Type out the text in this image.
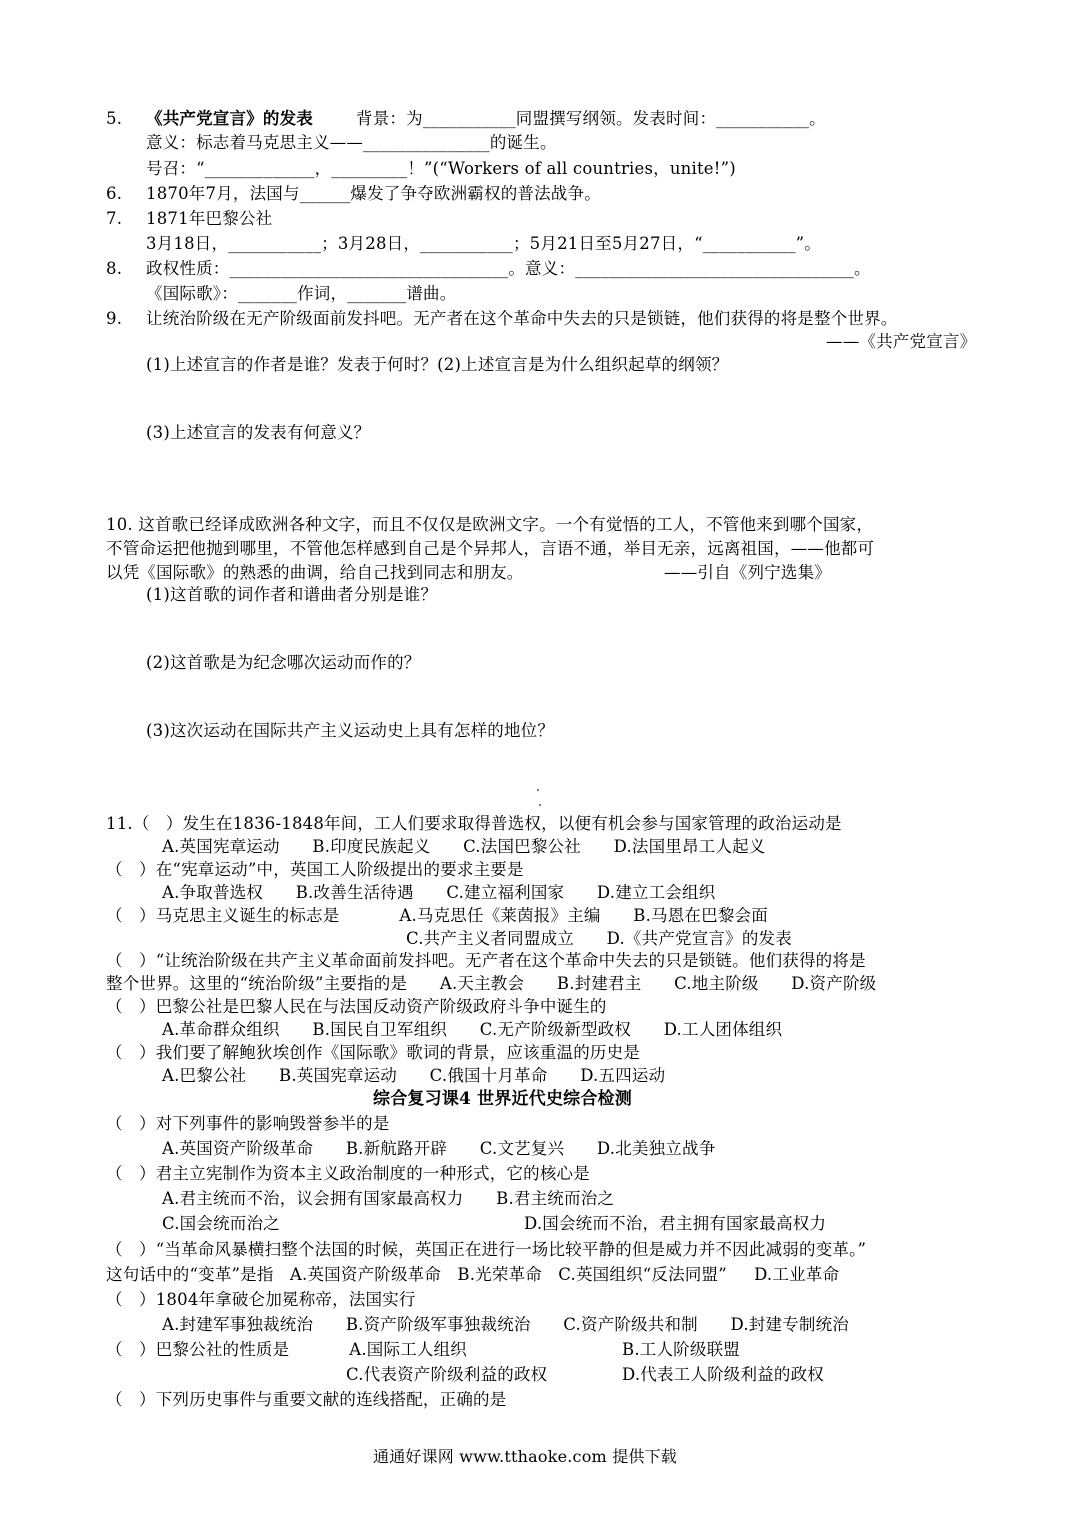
5. 《共产党宣言》的发表	背景：为___________同盟撰写纲领。发表时间：___________。
意义：标志着马克思主义——_______________的诞生。
号召：“_____________，_________！”(“Workers of all countries，unite!”)
6. 1870年7月，法国与______爆发了争夺欧洲霸权的普法战争。
7. 1871年巴黎公社
3月18日，___________；3月28日，___________；5月21日至5月27日，“___________”。
8. 政权性质：_________________________________。意义：_________________________________。
《国际歌》：_______作词，_______谱曲。
9. 让统治阶级在无产阶级面前发抖吧。无产者在这个革命中失去的只是锁链，他们获得的将是整个世界。
——《共产党宣言》
(1)上述宣言的作者是谁？发表于何时？(2)上述宣言是为什么组织起草的纲领？
(3)上述宣言的发表有何意义？
10. 这首歌已经译成欧洲各种文字，而且不仅仅是欧洲文字。一个有觉悟的工人，不管他来到哪个国家，
不管命运把他抛到哪里，不管他怎样感到自己是个异邦人，言语不通，举目无亲，远离祖国，——他都可
以凭《国际歌》的熟悉的曲调，给自己找到同志和朋友。	——引自《列宁选集》
(1)这首歌的词作者和谱曲者分别是谁？
(2)这首歌是为纪念哪次运动而作的？
(3)这次运动在国际共产主义运动史上具有怎样的地位？
11.（   ）发生在1836-1848年间，工人们要求取得普选权，以便有机会参与国家管理的政治运动是
A.英国宪章运动      B.印度民族起义      C.法国巴黎公社      D.法国里昂工人起义
（   ）在“宪章运动”中，英国工人阶级提出的要求主要是
A.争取普选权      B.改善生活待遇      C.建立福利国家      D.建立工会组织
（   ）马克思主义诞生的标志是           A.马克思任《莱茵报》主编      B.马恩在巴黎会面
C.共产主义者同盟成立      D.《共产党宣言》的发表
（   ）“让统治阶级在共产主义革命面前发抖吧。无产者在这个革命中失去的只是锁链。他们获得的将是
整个世界。这里的“统治阶级”主要指的是      A.天主教会      B.封建君主      C.地主阶级      D.资产阶级
（   ）巴黎公社是巴黎人民在与法国反动资产阶级政府斗争中诞生的
A.革命群众组织      B.国民自卫军组织      C.无产阶级新型政权      D.工人团体组织
（   ）我们要了解鲍狄埃创作《国际歌》歌词的背景，应该重温的历史是
A.巴黎公社      B.英国宪章运动      C.俄国十月革命      D.五四运动
综合复习课4 世界近代史综合检测
（   ）对下列事件的影响毁誉参半的是
A.英国资产阶级革命      B.新航路开辟      C.文艺复兴      D.北美独立战争
（   ）君主立宪制作为资本主义政治制度的一种形式，它的核心是
A.君主统而不治，议会拥有国家最高权力      B.君主统而治之
C.国会统而治之	D.国会统而不治，君主拥有国家最高权力
（   ）“当革命风暴横扫整个法国的时候，英国正在进行一场比较平静的但是威力并不因此减弱的变革。”
这句话中的“变革”是指   A.英国资产阶级革命   B.光荣革命   C.英国组织“反法同盟”     D.工业革命
（   ）1804年拿破仑加冕称帝，法国实行
A.封建军事独裁统治      B.资产阶级军事独裁统治      C.资产阶级共和制      D.封建专制统治
（   ）巴黎公社的性质是           A.国际工人组织	B.工人阶级联盟
C.代表资产阶级利益的政权	D.代表工人阶级利益的政权
（   ）下列历史事件与重要文献的连线搭配，正确的是
通通好课网 www.tthaoke.com 提供下载
